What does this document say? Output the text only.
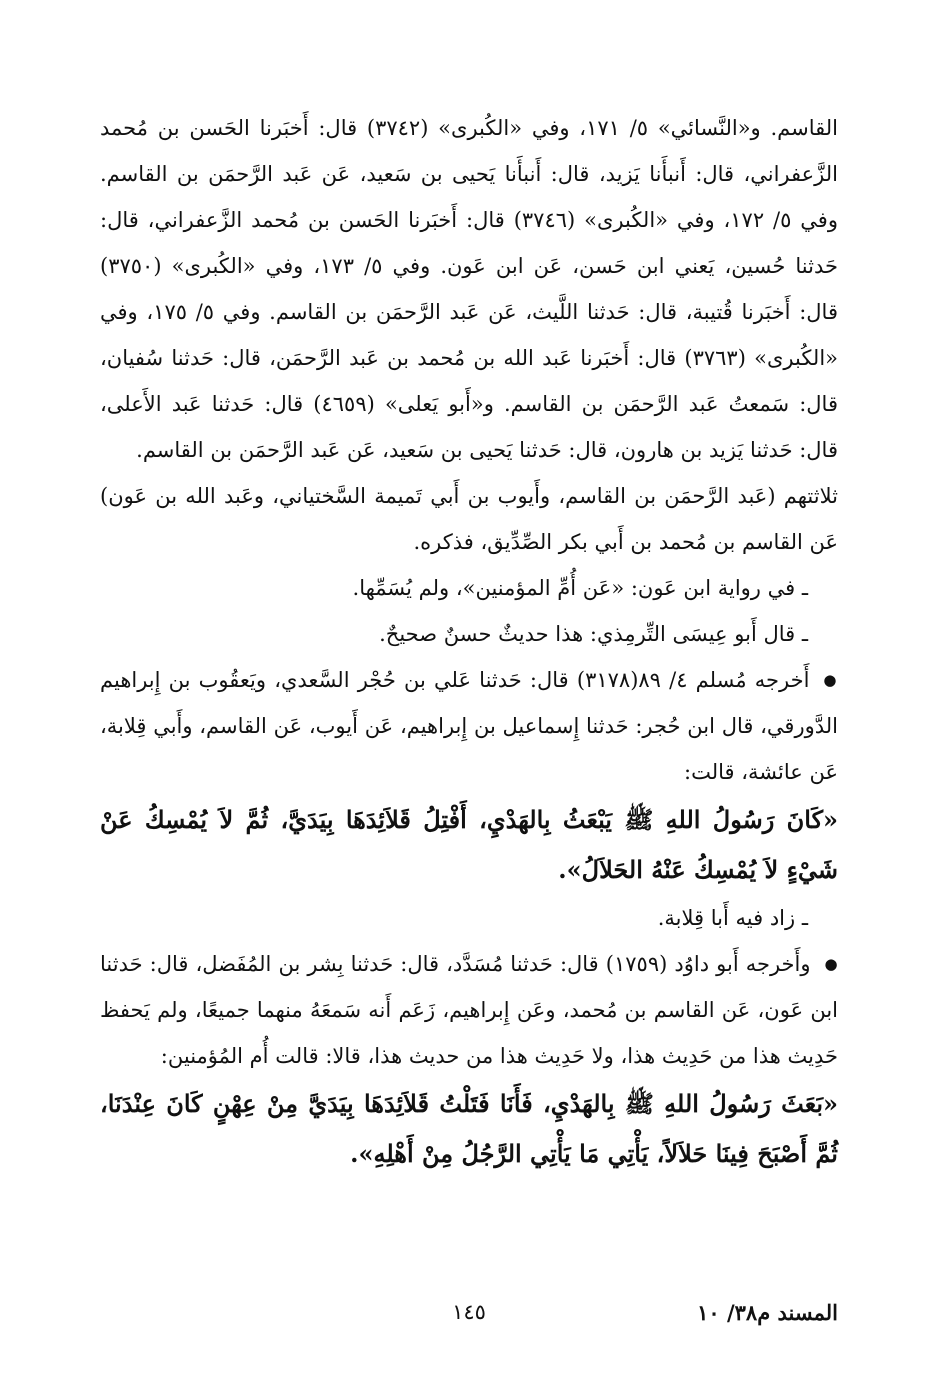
القاسم. و«النَّسائي» ٥/ ١٧١، وفي «الكُبرى» (٣٧٤٢) قال: أَخبَرنا الحَسن بن مُحمد الزَّعفراني، قال: أَنبأَنا يَزيد، قال: أَنبأَنا يَحيى بن سَعيد، عَن عَبد الرَّحمَن بن القاسم. وفي ٥/ ١٧٢، وفي «الكُبرى» (٣٧٤٦) قال: أَخبَرنا الحَسن بن مُحمد الزَّعفراني، قال: حَدثنا حُسين، يَعني ابن حَسن، عَن ابن عَون. وفي ٥/ ١٧٣، وفي «الكُبرى» (٣٧٥٠) قال: أَخبَرنا قُتيبة، قال: حَدثنا اللَّيث، عَن عَبد الرَّحمَن بن القاسم. وفي ٥/ ١٧٥، وفي «الكُبرى» (٣٧٦٣) قال: أَخبَرنا عَبد الله بن مُحمد بن عَبد الرَّحمَن، قال: حَدثنا سُفيان، قال: سَمعتُ عَبد الرَّحمَن بن القاسم. و«أَبو يَعلى» (٤٦٥٩) قال: حَدثنا عَبد الأَعلى، قال: حَدثنا يَزيد بن هارون، قال: حَدثنا يَحيى بن سَعيد، عَن عَبد الرَّحمَن بن القاسم.

ثلاثتهم (عَبد الرَّحمَن بن القاسم، وأَيوب بن أَبي تَميمة السَّختياني، وعَبد الله بن عَون) عَن القاسم بن مُحمد بن أَبي بكر الصِّدِّيق، فذكره.

ـ في رواية ابن عَون: «عَن أُمِّ المؤمنين»، ولم يُسَمِّها.

ـ قال أَبو عِيسَى التِّرمِذي: هذا حديثٌ حسنٌ صحيحٌ.

● أَخرجه مُسلم ٤/ ٨٩(٣١٧٨) قال: حَدثنا عَلي بن حُجْر السَّعدي، ويَعقُوب بن إِبراهيم الدَّورقي، قال ابن حُجر: حَدثنا إِسماعيل بن إِبراهيم، عَن أَيوب، عَن القاسم، وأَبي قِلابة، عَن عائشة، قالت:

«كَانَ رَسُولُ اللهِ ﷺ يَبْعَثُ بِالهَدْيِ، أَفْتِلُ قَلاَئِدَهَا بِيَدَيَّ، ثُمَّ لاَ يُمْسِكُ عَنْ شَيْءٍ لاَ يُمْسِكُ عَنْهُ الحَلاَلُ».

ـ زاد فيه أَبا قِلابة.

● وأَخرجه أَبو داوُد (١٧٥٩) قال: حَدثنا مُسَدَّد، قال: حَدثنا بِشر بن المُفَضل، قال: حَدثنا ابن عَون، عَن القاسم بن مُحمد، وعَن إِبراهيم، زَعَم أَنه سَمعَهُ منهما جميعًا، ولم يَحفظ حَدِيث هذا من حَدِيث هذا، ولا حَدِيث هذا من حديث هذا، قالا: قالت أُم المُؤمنين:

«بَعَثَ رَسُولُ اللهِ ﷺ بِالهَدْيِ، فَأَنَا فَتَلْتُ قَلاَئِدَهَا بِيَدَيَّ مِنْ عِهْنٍ كَانَ عِنْدَنَا، ثُمَّ أَصْبَحَ فِينَا حَلاَلاً، يَأْتِي مَا يَأْتِي الرَّجُلُ مِنْ أَهْلِهِ».

المسند م٣٨/ ١٠
١٤٥
